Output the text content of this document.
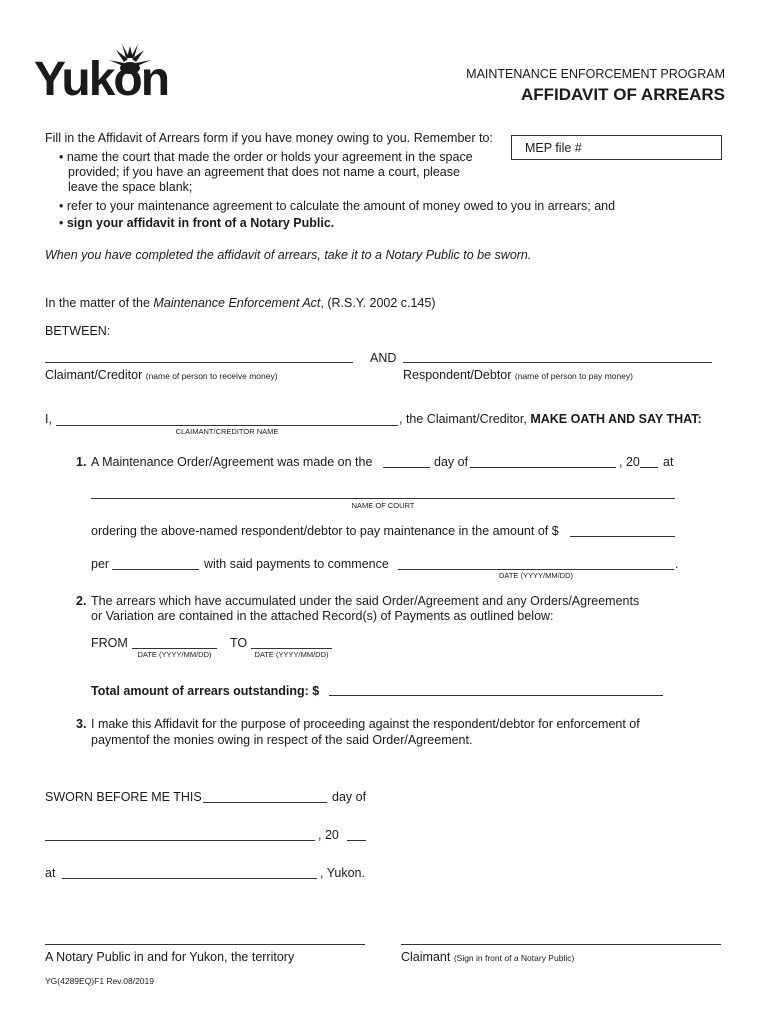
Yukon	MAINTENANCE ENFORCEMENT PROGRAM
AFFIDAVIT OF ARREARS
MEP file #
Fill in the Affidavit of Arrears form if you have money owing to you. Remember to:
• name the court that made the order or holds your agreement in the space
provided; if you have an agreement that does not name a court, please
leave the space blank;
• refer to your maintenance agreement to calculate the amount of money owed to you in arrears; and
• sign your affidavit in front of a Notary Public.
When you have completed the affidavit of arrears, take it to a Notary Public to be sworn.
In the matter of the Maintenance Enforcement Act, (R.S.Y. 2002 c.145)
BETWEEN:
AND
Claimant/Creditor (name of person to receive money)	Respondent/Debtor (name of person to pay money)
I,
CLAIMANT/CREDITOR NAME
, the Claimant/Creditor, MAKE OATH AND SAY THAT:
1. A Maintenance Order/Agreement was made on the	day of	, 20 at
NAME OF COURT
ordering the above-named respondent/debtor to pay maintenance in the amount of $
per	with said payments to commence	.
DATE (YYYY/MM/DD)
2. The arrears which have accumulated under the said Order/Agreement and any Orders/Agreements
or Variation are contained in the attached Record(s) of Payments as outlined below:
FROM
DATE (YYYY/MM/DD)
TO
DATE (YYYY/MM/DD)
Total amount of arrears outstanding: $
3. I make this Affidavit for the purpose of proceeding against the respondent/debtor for enforcement of
paymentof the monies owing in respect of the said Order/Agreement.
SWORN BEFORE ME THIS	day of
, 20
at	, Yukon.
A Notary Public in and for Yukon, the territory	Claimant (Sign in front of a Notary Public)
YG(4289EQ)F1 Rev.08/2019
